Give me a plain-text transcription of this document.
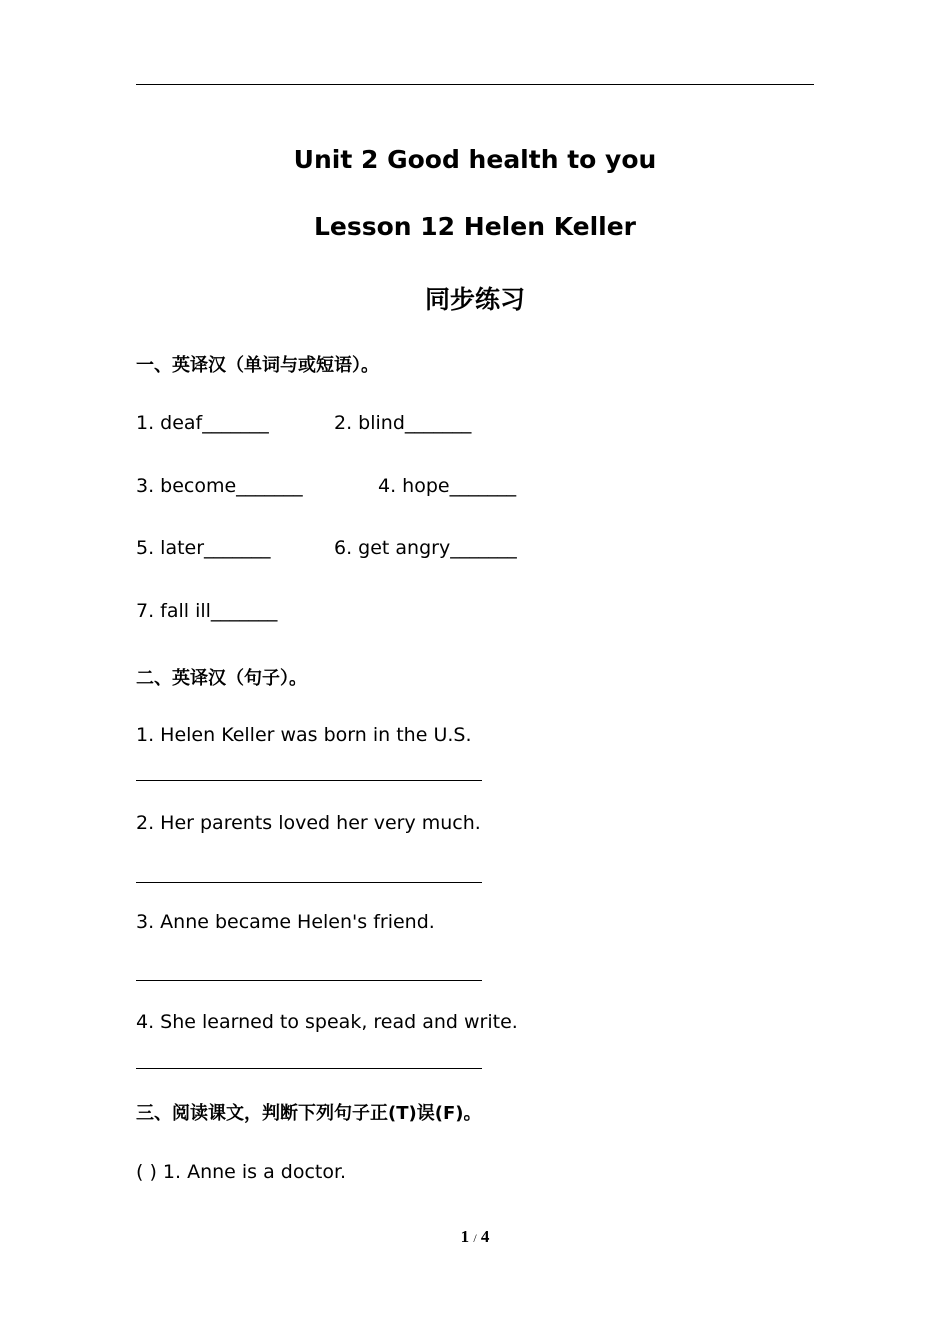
Unit 2 Good health to you
Lesson 12 Helen Keller
同步练习
一、英译汉（单词与或短语）。
1. deaf_______	2. blind_______
3. become_______	4. hope_______
5. later_______	6. get angry_______
7. fall ill_______
二、英译汉（句子）。
1. Helen Keller was born in the U.S.
2. Her parents loved her very much.
3. Anne became Helen's friend.
4. She learned to speak, read and write.
三、阅读课文，判断下列句子正(T)误(F)。
( ) 1. Anne is a doctor.
1 / 4
